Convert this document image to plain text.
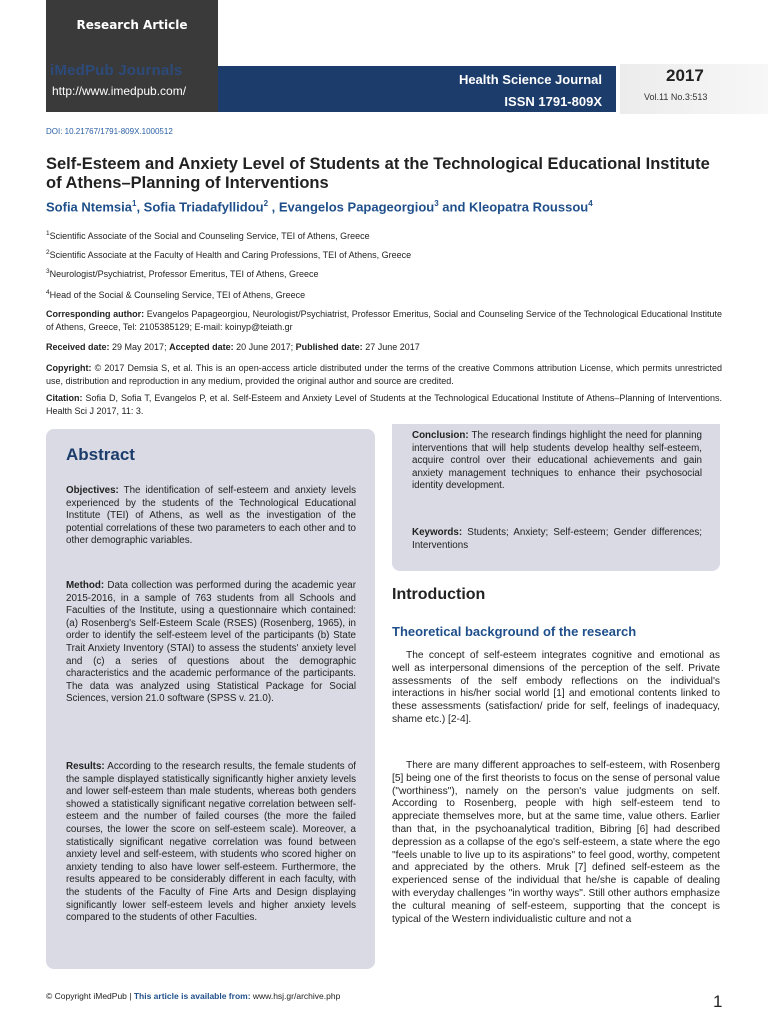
Research Article
iMedPub Journals
http://www.imedpub.com/
Health Science Journal
ISSN 1791-809X
2017
Vol.11 No.3:513
DOI: 10.21767/1791-809X.1000512
Self-Esteem and Anxiety Level of Students at the Technological Educational Institute of Athens–Planning of Interventions
Sofia Ntemsia$^1$, Sofia Triadafyllidou$^2$ , Evangelos Papageorgiou$^3$ and Kleopatra Roussou$^4$
$^1$Scientific Associate of the Social and Counseling Service, TEI of Athens, Greece
$^2$Scientific Associate at the Faculty of Health and Caring Professions, TEI of Athens, Greece
$^3$Neurologist/Psychiatrist, Professor Emeritus, TEI of Athens, Greece
$^4$Head of the Social & Counseling Service, TEI of Athens, Greece
Corresponding author: Evangelos Papageorgiou, Neurologist/Psychiatrist, Professor Emeritus, Social and Counseling Service of the Technological Educational Institute of Athens, Greece, Tel: 2105385129; E-mail: koinyp@teiath.gr
Received date: 29 May 2017; Accepted date: 20 June 2017; Published date: 27 June 2017
Copyright: © 2017 Demsia S, et al. This is an open-access article distributed under the terms of the creative Commons attribution License, which permits unrestricted use, distribution and reproduction in any medium, provided the original author and source are credited.
Citation: Sofia D, Sofia T, Evangelos P, et al. Self-Esteem and Anxiety Level of Students at the Technological Educational Institute of Athens–Planning of Interventions. Health Sci J 2017, 11: 3.
Abstract
Objectives: The identification of self-esteem and anxiety levels experienced by the students of the Technological Educational Institute (TEI) of Athens, as well as the investigation of the potential correlations of these two parameters to each other and to other demographic variables.
Method: Data collection was performed during the academic year 2015-2016, in a sample of 763 students from all Schools and Faculties of the Institute, using a questionnaire which contained: (a) Rosenberg's Self-Esteem Scale (RSES) (Rosenberg, 1965), in order to identify the self-esteem level of the participants (b) State Trait Anxiety Inventory (STAI) to assess the students' anxiety level and (c) a series of questions about the demographic characteristics and the academic performance of the participants. The data was analyzed using Statistical Package for Social Sciences, version 21.0 software (SPSS v. 21.0).
Results: According to the research results, the female students of the sample displayed statistically significantly higher anxiety levels and lower self-esteem than male students, whereas both genders showed a statistically significant negative correlation between self-esteem and the number of failed courses (the more the failed courses, the lower the score on self-esteem scale). Moreover, a statistically significant negative correlation was found between anxiety level and self-esteem, with students who scored higher on anxiety tending to also have lower self-esteem. Furthermore, the results appeared to be considerably different in each faculty, with the students of the Faculty of Fine Arts and Design displaying significantly lower self-esteem levels and higher anxiety levels compared to the students of other Faculties.
Conclusion: The research findings highlight the need for planning interventions that will help students develop healthy self-esteem, acquire control over their educational achievements and gain anxiety management techniques to enhance their psychosocial identity development.
Keywords: Students; Anxiety; Self-esteem; Gender differences; Interventions
Introduction
Theoretical background of the research
The concept of self-esteem integrates cognitive and emotional as well as interpersonal dimensions of the perception of the self. Private assessments of the self embody reflections on the individual's interactions in his/her social world [1] and emotional contents linked to these assessments (satisfaction/ pride for self, feelings of inadequacy, shame etc.) [2-4].
There are many different approaches to self-esteem, with Rosenberg [5] being one of the first theorists to focus on the sense of personal value ("worthiness"), namely on the person's value judgments on self. According to Rosenberg, people with high self-esteem tend to appreciate themselves more, but at the same time, value others. Earlier than that, in the psychoanalytical tradition, Bibring [6] had described depression as a collapse of the ego's self-esteem, a state where the ego "feels unable to live up to its aspirations" to feel good, worthy, competent and appreciated by the others. Mruk [7] defined self-esteem as the experienced sense of the individual that he/she is capable of dealing with everyday challenges "in worthy ways". Still other authors emphasize the cultural meaning of self-esteem, supporting that the concept is typical of the Western individualistic culture and not a
© Copyright iMedPub | This article is available from: www.hsj.gr/archive.php	1
